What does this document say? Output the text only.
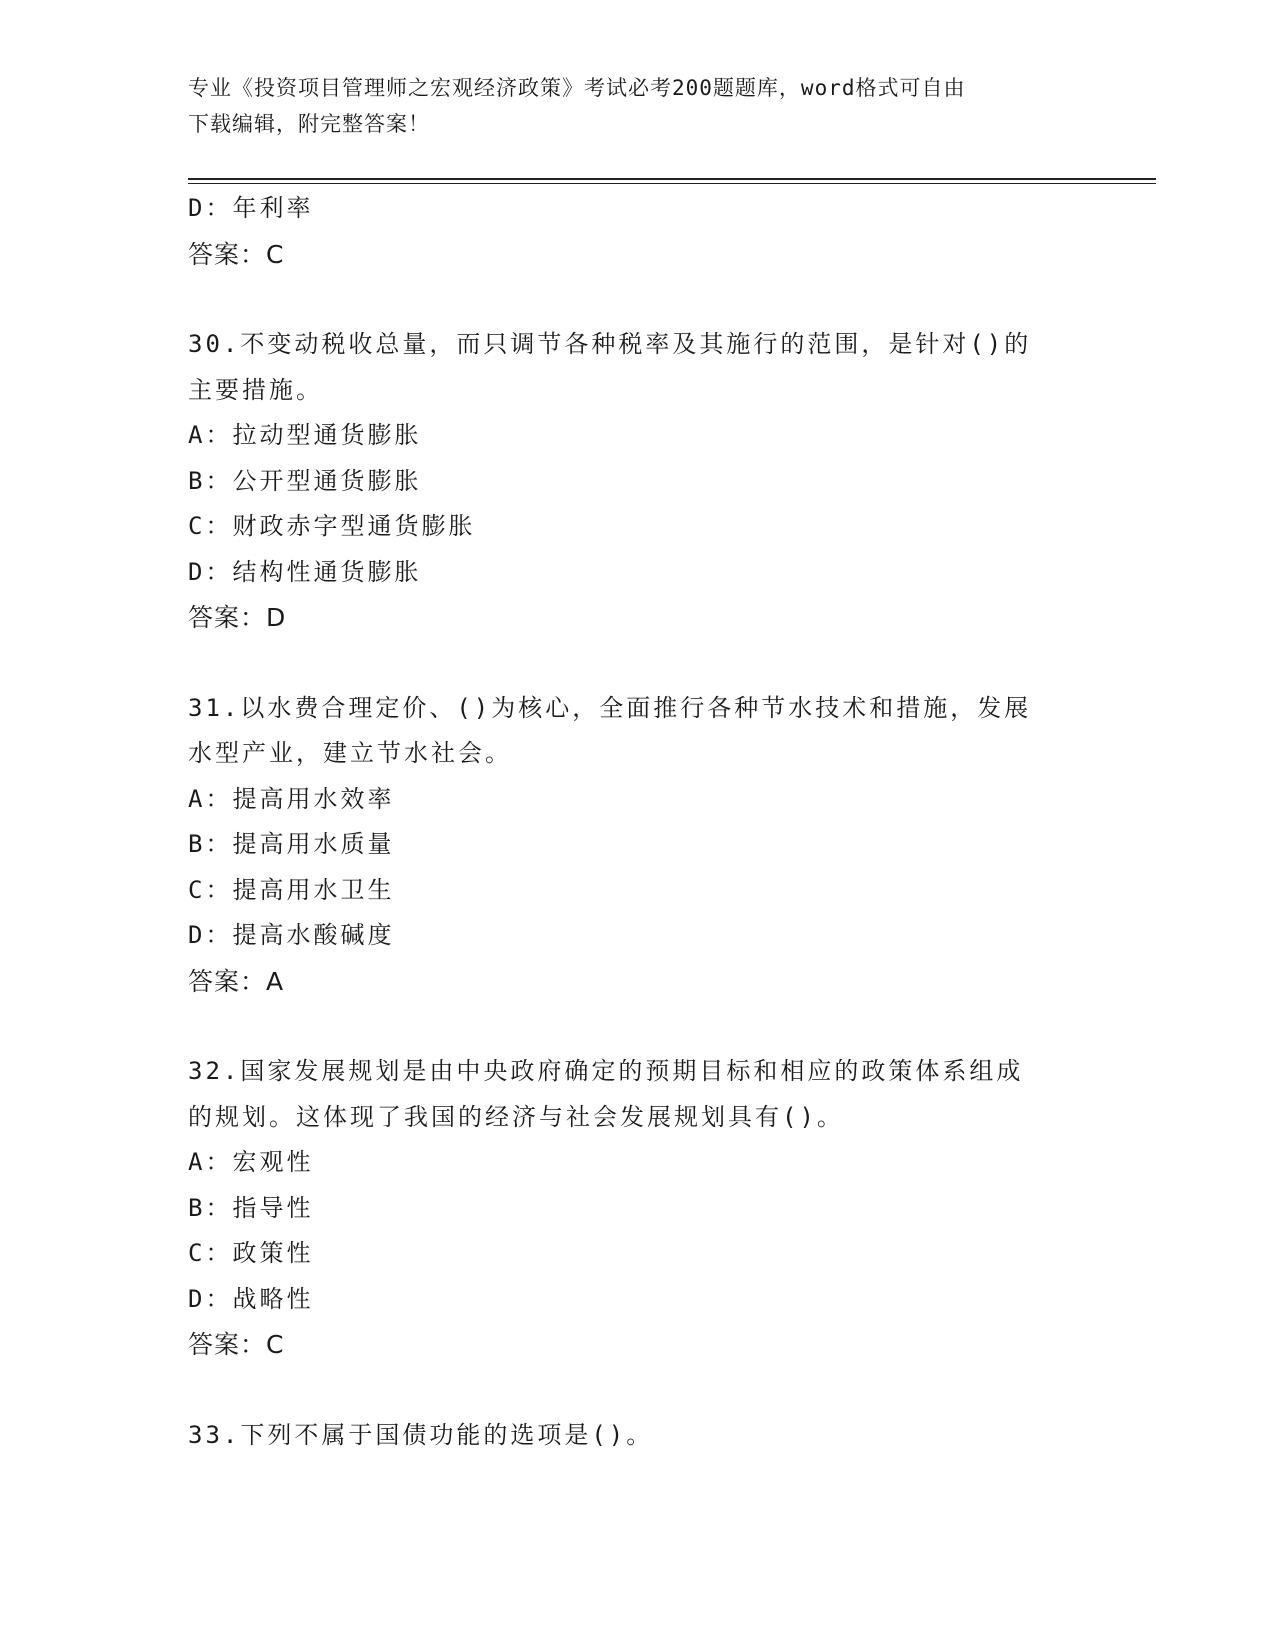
专业《投资项目管理师之宏观经济政策》考试必考200题题库，word格式可自由
下载编辑，附完整答案！
D：年利率
答案：C
30.不变动税收总量，而只调节各种税率及其施行的范围，是针对()的
主要措施。
A：拉动型通货膨胀
B：公开型通货膨胀
C：财政赤字型通货膨胀
D：结构性通货膨胀
答案：D
31.以水费合理定价、()为核心，全面推行各种节水技术和措施，发展
水型产业，建立节水社会。
A：提高用水效率
B：提高用水质量
C：提高用水卫生
D：提高水酸碱度
答案：A
32.国家发展规划是由中央政府确定的预期目标和相应的政策体系组成
的规划。这体现了我国的经济与社会发展规划具有()。
A：宏观性
B：指导性
C：政策性
D：战略性
答案：C
33.下列不属于国债功能的选项是()。
